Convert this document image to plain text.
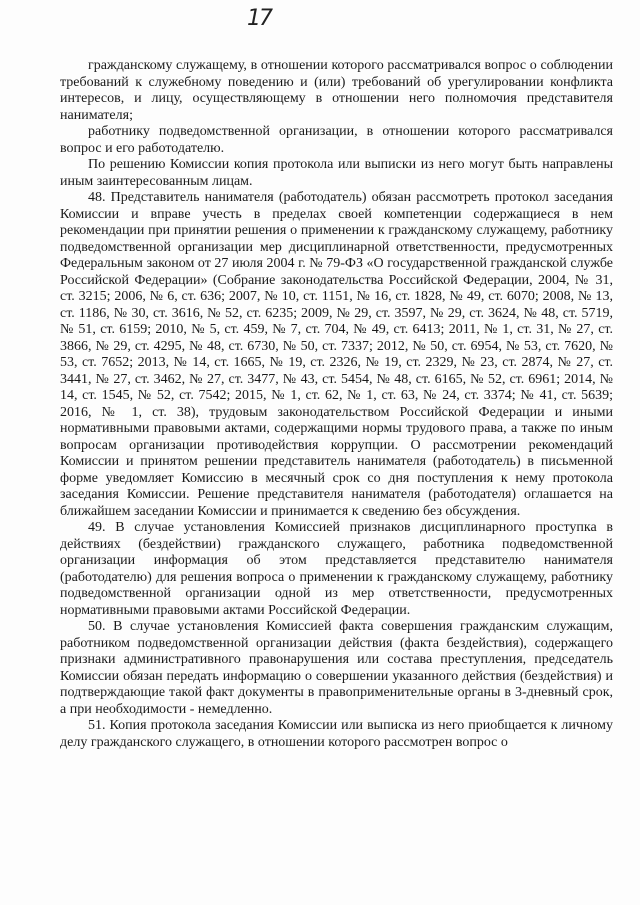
17

гражданскому служащему, в отношении которого рассматривался вопрос о соблюдении требований к служебному поведению и (или) требований об урегулировании конфликта интересов, и лицу, осуществляющему в отношении него полномочия представителя нанимателя;

работнику подведомственной организации, в отношении которого рассматривался вопрос и его работодателю.

По решению Комиссии копия протокола или выписки из него могут быть направлены иным заинтересованным лицам.

48. Представитель нанимателя (работодатель) обязан рассмотреть протокол заседания Комиссии и вправе учесть в пределах своей компетенции содержащиеся в нем рекомендации при принятии решения о применении к гражданскому служащему, работнику подведомственной организации мер дисциплинарной ответственности, предусмотренных Федеральным законом от 27 июля 2004 г. № 79-ФЗ «О государственной гражданской службе Российской Федерации» (Собрание законодательства Российской Федерации, 2004, № 31, ст. 3215; 2006, № 6, ст. 636; 2007, № 10, ст. 1151, № 16, ст. 1828, № 49, ст. 6070; 2008, № 13, ст. 1186, № 30, ст. 3616, № 52, ст. 6235; 2009, № 29, ст. 3597, № 29, ст. 3624, № 48, ст. 5719, № 51, ст. 6159; 2010, № 5, ст. 459, № 7, ст. 704, № 49, ст. 6413; 2011, № 1, ст. 31, № 27, ст. 3866, № 29, ст. 4295, № 48, ст. 6730, № 50, ст. 7337; 2012, № 50, ст. 6954, № 53, ст. 7620, № 53, ст. 7652; 2013, № 14, ст. 1665, № 19, ст. 2326, № 19, ст. 2329, № 23, ст. 2874, № 27, ст. 3441, № 27, ст. 3462, № 27, ст. 3477, № 43, ст. 5454, № 48, ст. 6165, № 52, ст. 6961; 2014, № 14, ст. 1545, № 52, ст. 7542; 2015, № 1, ст. 62, № 1, ст. 63, № 24, ст. 3374; № 41, ст. 5639; 2016, № 1, ст. 38), трудовым законодательством Российской Федерации и иными нормативными правовыми актами, содержащими нормы трудового права, а также по иным вопросам организации противодействия коррупции. О рассмотрении рекомендаций Комиссии и принятом решении представитель нанимателя (работодатель) в письменной форме уведомляет Комиссию в месячный срок со дня поступления к нему протокола заседания Комиссии. Решение представителя нанимателя (работодателя) оглашается на ближайшем заседании Комиссии и принимается к сведению без обсуждения.

49. В случае установления Комиссией признаков дисциплинарного проступка в действиях (бездействии) гражданского служащего, работника подведомственной организации информация об этом представляется представителю нанимателя (работодателю) для решения вопроса о применении к гражданскому служащему, работнику подведомственной организации одной из мер ответственности, предусмотренных нормативными правовыми актами Российской Федерации.

50. В случае установления Комиссией факта совершения гражданским служащим, работником подведомственной организации действия (факта бездействия), содержащего признаки административного правонарушения или состава преступления, председатель Комиссии обязан передать информацию о совершении указанного действия (бездействия) и подтверждающие такой факт документы в правоприменительные органы в 3-дневный срок, а при необходимости - немедленно.

51. Копия протокола заседания Комиссии или выписка из него приобщается к личному делу гражданского служащего, в отношении которого рассмотрен вопрос о
